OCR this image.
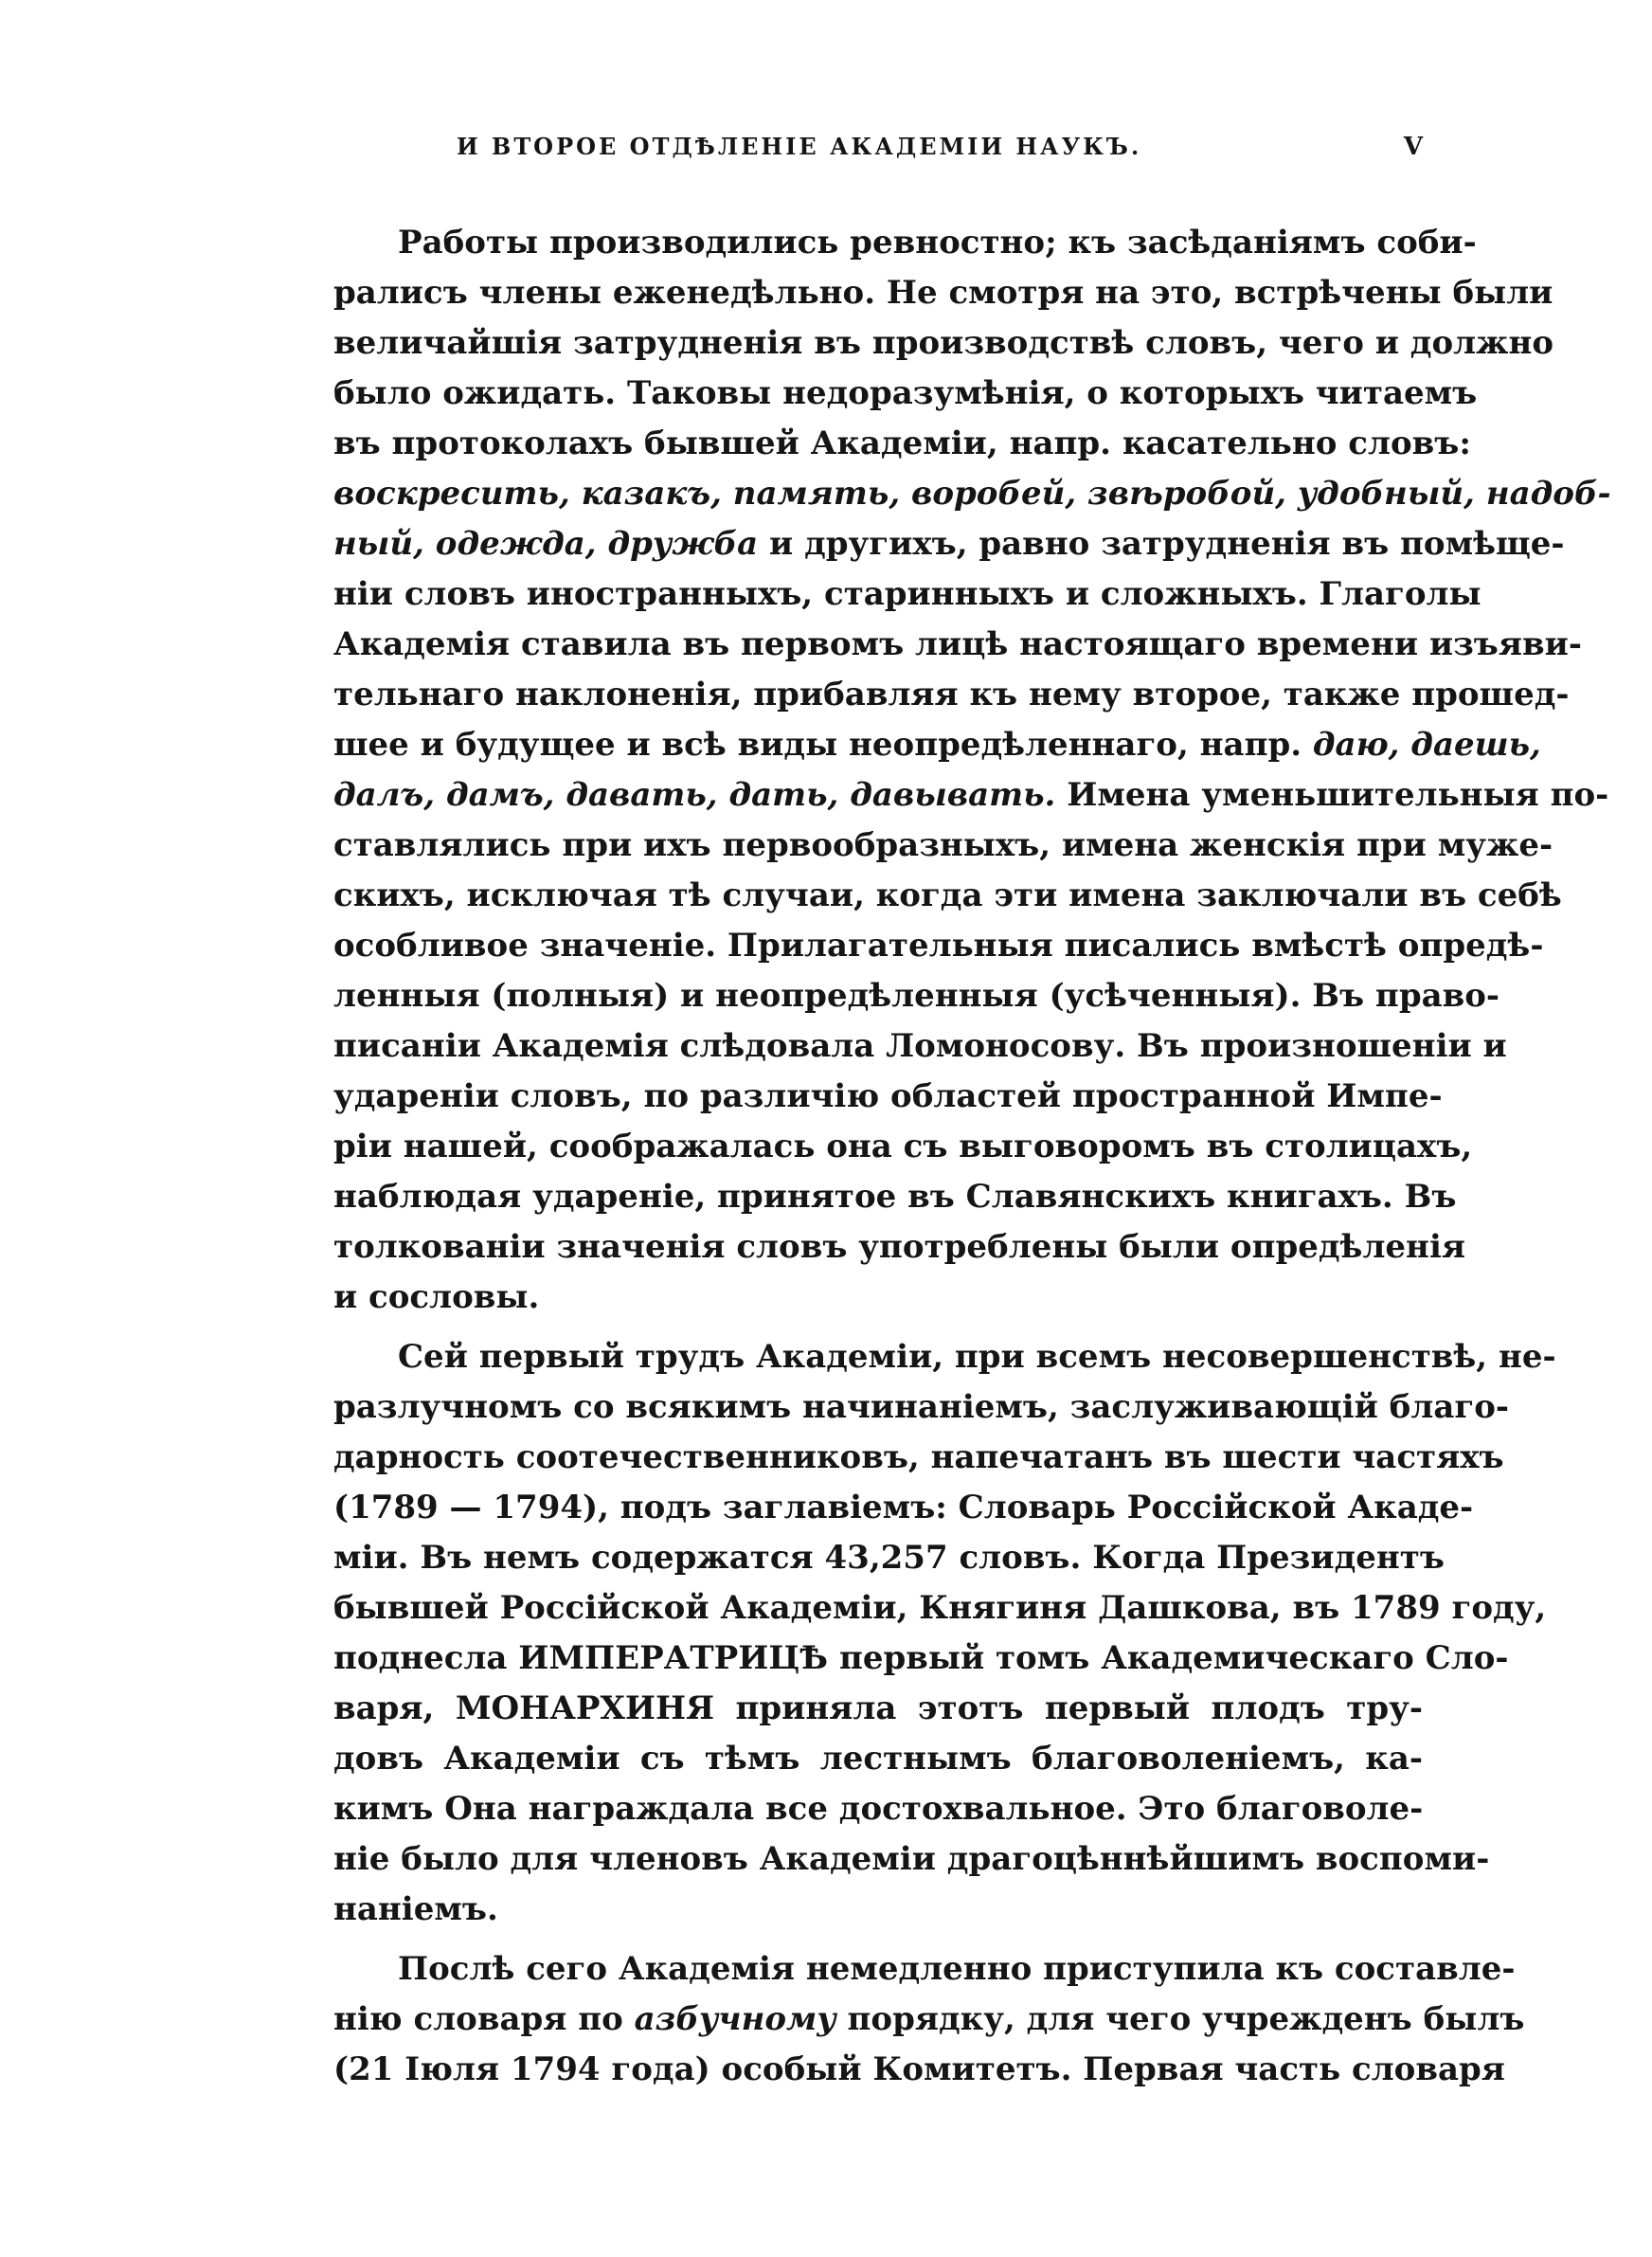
И ВТОРОЕ ОТДѢЛЕНІЕ АКАДЕМІИ НАУКЪ.	V
  Работы производились ревностно; къ засѣданіямъ соби-
ралисъ члены еженедѣльно. Не смотря на это, встрѣчены были
величайшія затрудненія въ производствѣ словъ, чего и должно
было ожидать. Таковы недоразумѣнія, о которыхъ читаемъ
въ протоколахъ бывшей Академіи, напр. касательно словъ:
воскресить, казакъ, память, воробей, звѣробой, удобный, надоб-
ный, одежда, дружба и другихъ, равно затрудненія въ помѣще-
ніи словъ иностранныхъ, старинныхъ и сложныхъ. Глаголы
Академія ставила въ первомъ лицѣ настоящаго времени изъяви-
тельнаго наклоненія, прибавляя къ нему второе, также прошед-
шее и будущее и всѣ виды неопредѣленнаго, напр. даю, даешь,
далъ, дамъ, давать, дать, давывать. Имена уменьшительныя по-
ставлялись при ихъ первообразныхъ, имена женскія при муже-
скихъ, исключая тѣ случаи, когда эти имена заключали въ себѣ
особливое значеніе. Прилагательныя писались вмѣстѣ опредѣ-
ленныя (полныя) и неопредѣленныя (усѣченныя). Въ право-
писаніи Академія слѣдовала Ломоносову. Въ произношеніи и
удареніи словъ, по различію областей пространной Импе-
ріи нашей, соображалась она съ выговоромъ въ столицахъ,
наблюдая удареніе, принятое въ Славянскихъ книгахъ. Въ
толкованіи значенія словъ употреблены были опредѣленія
и сословы.
  Сей первый трудъ Академіи, при всемъ несовершенствѣ, не-
разлучномъ со всякимъ начинаніемъ, заслуживающій благо-
дарность соотечественниковъ, напечатанъ въ шести частяхъ
(1789 — 1794), подъ заглавіемъ: Словарь Россійской Акаде-
міи. Въ немъ содержатся 43,257 словъ. Когда Президентъ
бывшей Россійской Академіи, Княгиня Дашкова, въ 1789 году,
поднесла ИМПЕРАТРИЦѢ первый томъ Академическаго Сло-
варя, МОНАРХИНЯ приняла этотъ первый плодъ тру-
довъ Академіи съ тѣмъ лестнымъ благоволеніемъ, ка-
кимъ Она награждала все достохвальное. Это благоволе-
ніе было для членовъ Академіи драгоцѣннѣйшимъ воспоми-
наніемъ.
  Послѣ сего Академія немедленно приступила къ составле-
нію словаря по азбучному порядку, для чего учрежденъ былъ
(21 Іюля 1794 года) особый Комитетъ. Первая часть словаря
